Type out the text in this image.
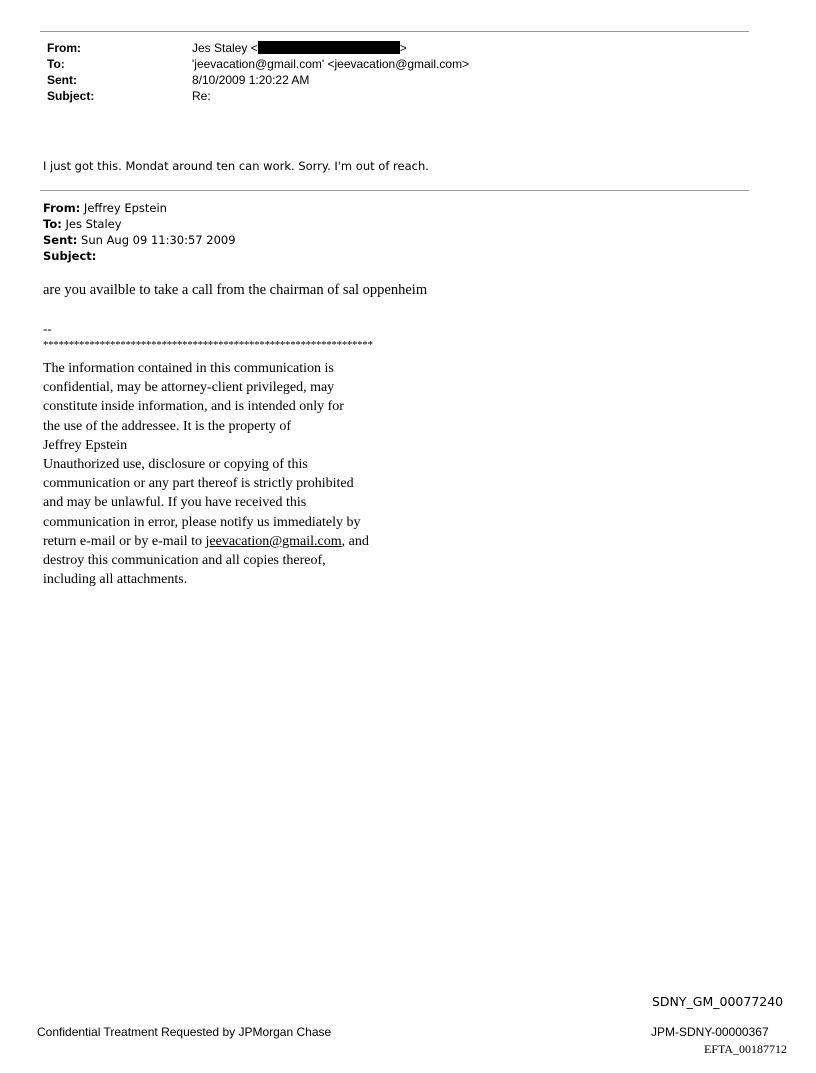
From:	Jes Staley <	>
To:	'jeevacation@gmail.com' <jeevacation@gmail.com>
Sent:	8/10/2009 1:20:22 AM
Subject:	Re:
I just got this. Mondat around ten can work. Sorry. I'm out of reach.
From: Jeffrey Epstein
To: Jes Staley
Sent: Sun Aug 09 11:30:57 2009
Subject:
are you availble to take a call from the chairman of sal oppenheim
--
****************************************************************
The information contained in this communication is
confidential, may be attorney-client privileged, may
constitute inside information, and is intended only for
the use of the addressee. It is the property of
Jeffrey Epstein
Unauthorized use, disclosure or copying of this
communication or any part thereof is strictly prohibited
and may be unlawful. If you have received this
communication in error, please notify us immediately by
return e-mail or by e-mail to jeevacation@gmail.com, and
destroy this communication and all copies thereof,
including all attachments.
SDNY_GM_00077240
Confidential Treatment Requested by JPMorgan Chase	JPM-SDNY-00000367
EFTA_00187712
